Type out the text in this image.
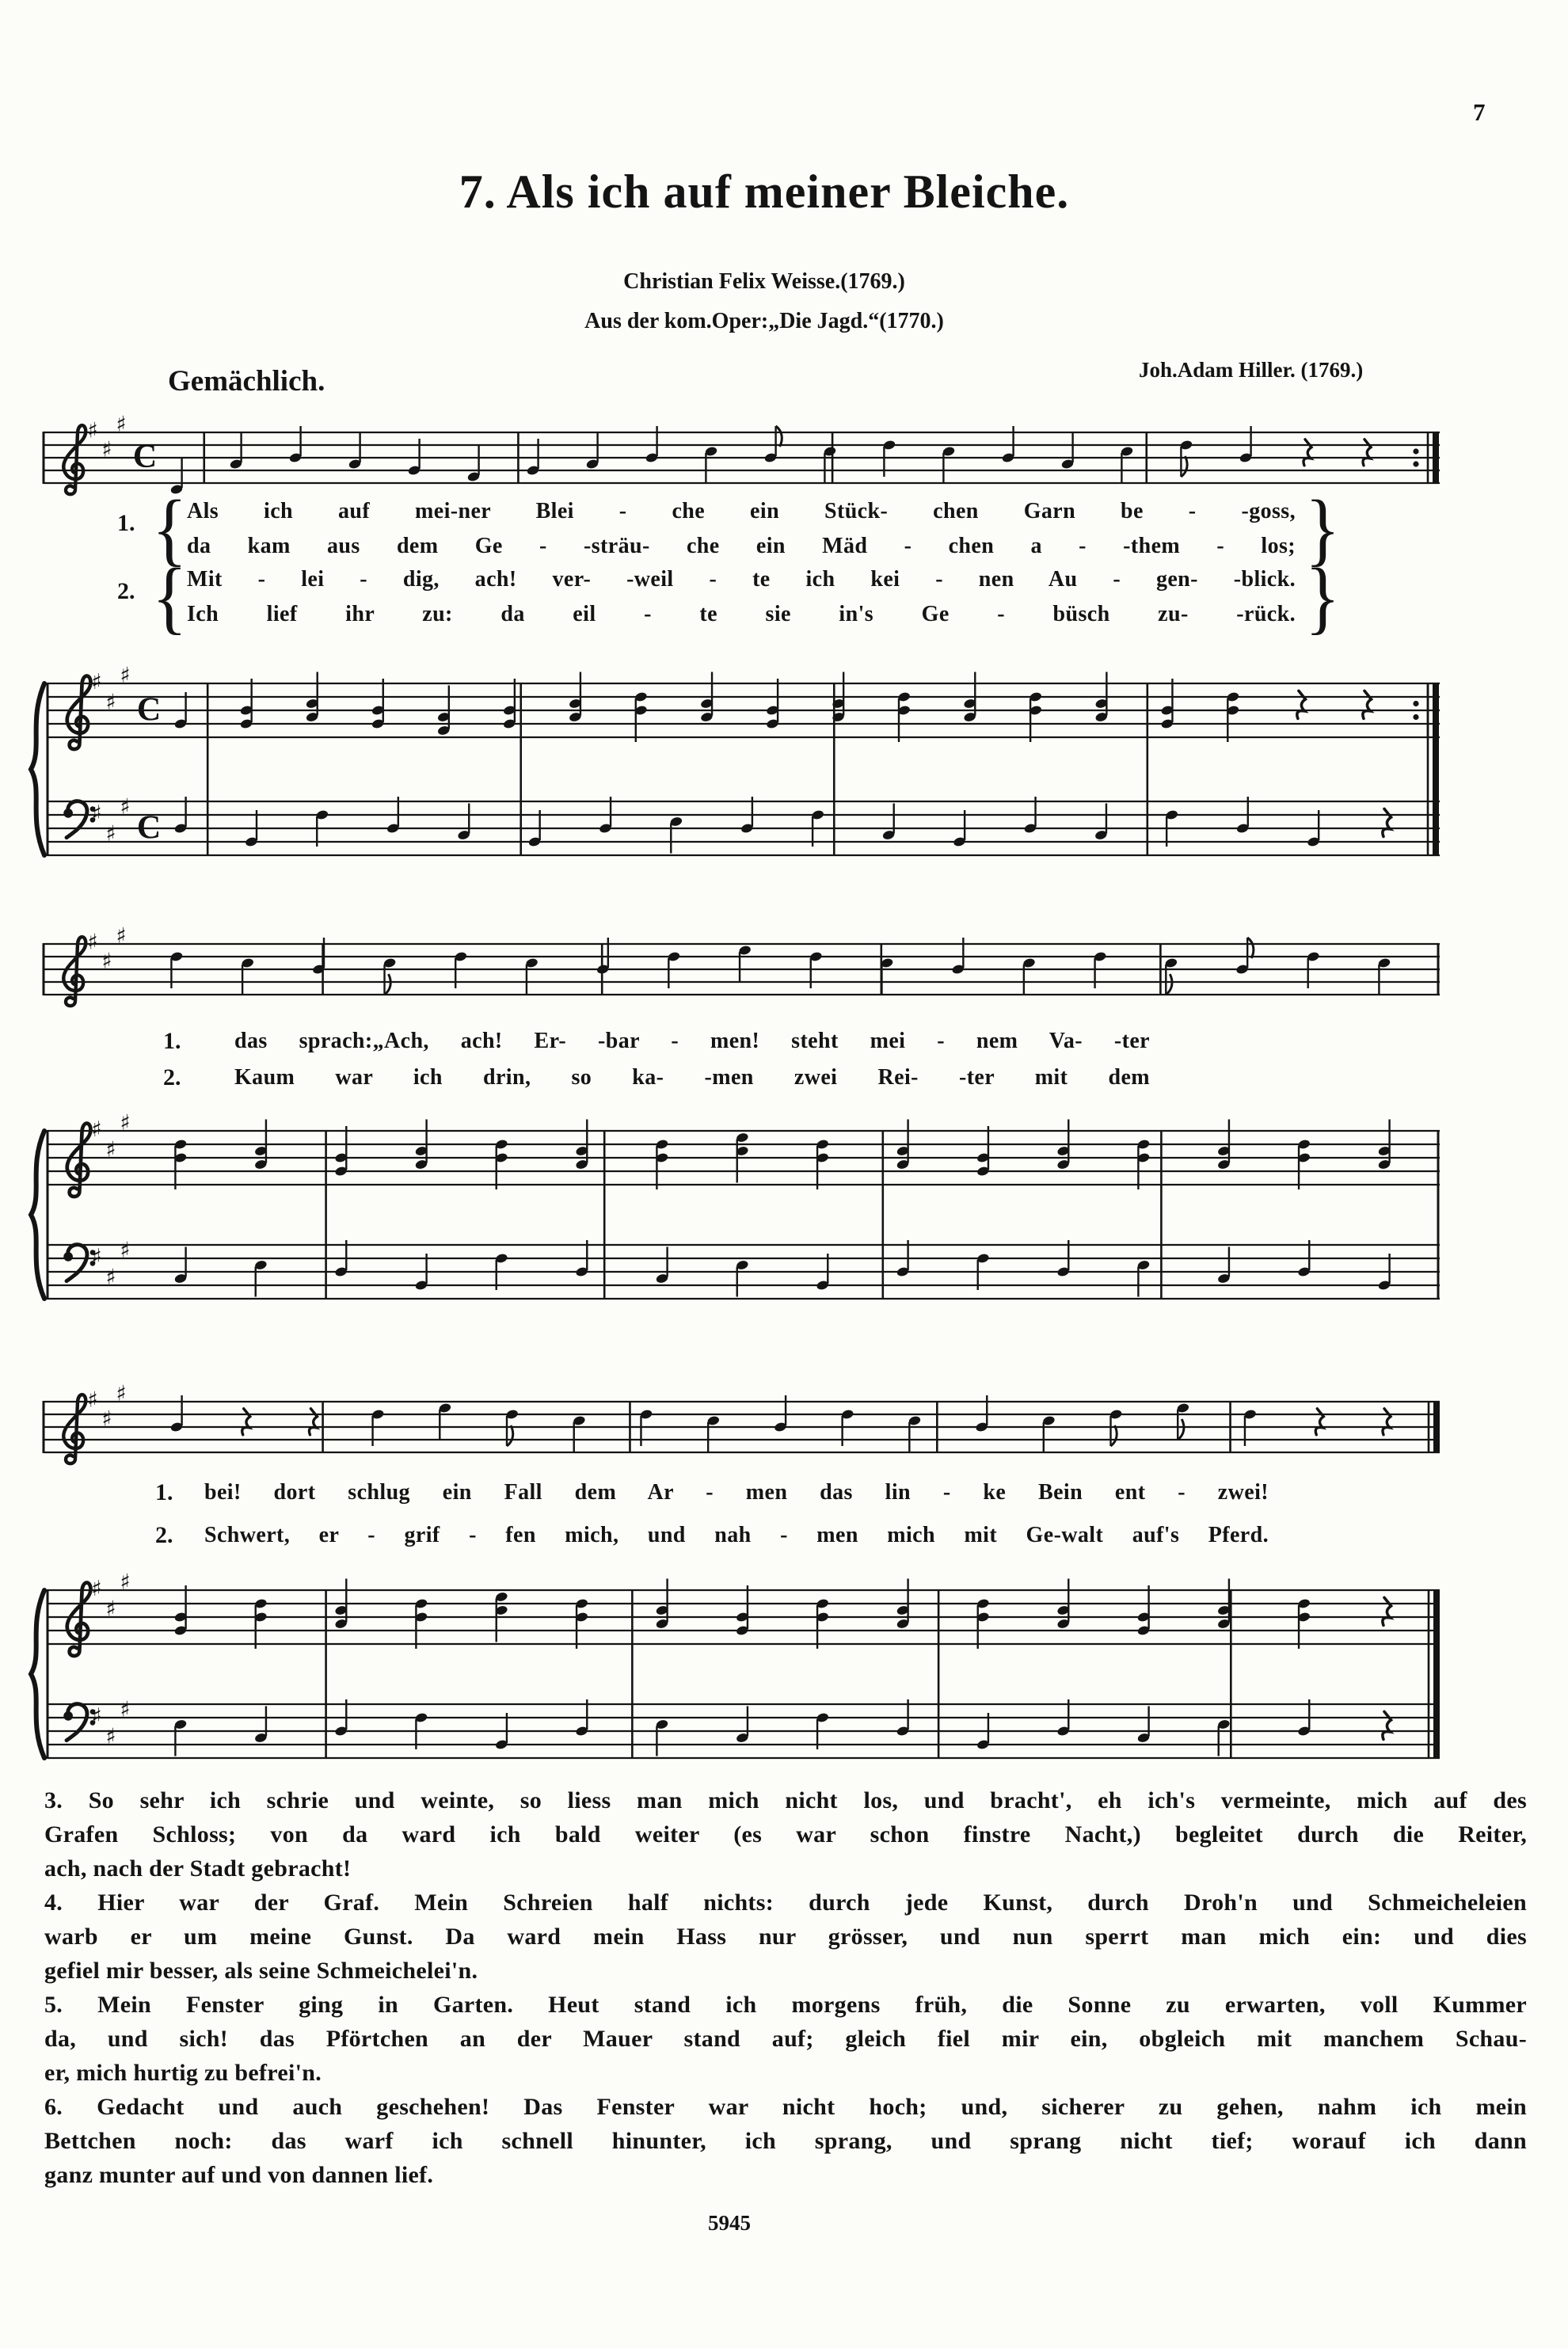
♯
♯
♯
C
♯
♯
♯
C
♯
♯
♯
C
♯
♯
♯
♯
♯
♯
♯
♯
♯
♯
♯
♯
♯
♯
♯
♯
♯
♯
7
7. Als ich auf meiner Bleiche.
Christian Felix Weisse.(1769.)
Aus der kom.Oper:„Die Jagd.“(1770.)
Gemächlich.	Joh.Adam Hiller. (1769.)
1. { Als ich auf mei-ner Blei - che ein Stück- chen Garn be - -goss,
da kam aus dem Ge - -sträu- che ein Mäd - chen a - -them - los; }
2. { Mit - lei - dig, ach! ver- -weil - te ich kei - nen Au - gen- -blick.
Ich lief ihr zu: da eil - te sie in's Ge - büsch zu- -rück. }
1.	das sprach:„Ach, ach! Er- -bar - men! steht mei - nem Va- -ter
2.	Kaum war ich drin, so ka- -men zwei Rei- -ter mit dem
1.	bei! dort schlug ein Fall dem Ar - men das lin - ke Bein ent - zwei!
2.	Schwert, er - grif - fen mich, und nah - men mich mit Ge-walt auf's Pferd.
3. So sehr ich schrie und weinte, so liess man mich nicht los, und bracht', eh ich's vermeinte, mich auf des
Grafen Schloss; von da ward ich bald weiter (es war schon finstre Nacht,) begleitet durch die Reiter,
ach, nach der Stadt gebracht!
4. Hier war der Graf. Mein Schreien half nichts: durch jede Kunst, durch Droh'n und Schmeicheleien
warb er um meine Gunst. Da ward mein Hass nur grösser, und nun sperrt man mich ein: und dies
gefiel mir besser, als seine Schmeichelei'n.
5. Mein Fenster ging in Garten. Heut stand ich morgens früh, die Sonne zu erwarten, voll Kummer
da, und sich! das Pförtchen an der Mauer stand auf; gleich fiel mir ein, obgleich mit manchem Schau-
er, mich hurtig zu befrei'n.
6. Gedacht und auch geschehen! Das Fenster war nicht hoch; und, sicherer zu gehen, nahm ich mein
Bettchen noch: das warf ich schnell hinunter, ich sprang, und sprang nicht tief; worauf ich dann
ganz munter auf und von dannen lief.
5945
